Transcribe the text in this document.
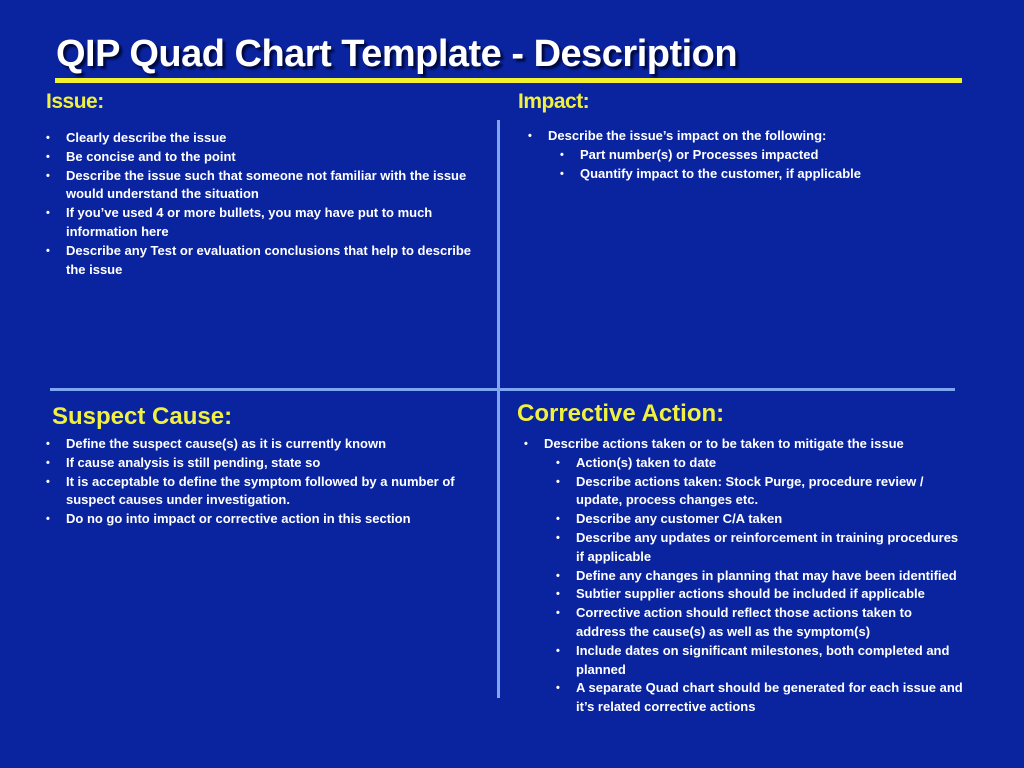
QIP Quad Chart Template - Description
Issue:
• Clearly describe the issue
• Be concise and to the point
• Describe the issue such that someone not familiar with the issue would understand the situation
• If you’ve used 4 or more bullets, you may have put to much information here
• Describe any Test or evaluation conclusions that help to describe the issue
Impact:
• Describe the issue’s impact on the following:
• Part number(s) or Processes impacted
• Quantify impact to the customer, if applicable
Suspect Cause:
• Define the suspect cause(s) as it is currently known
• If cause analysis is still pending, state so
• It is acceptable to define the symptom followed by a number of suspect causes under investigation.
• Do no go into impact or corrective action in this section
Corrective Action:
• Describe actions taken or to be taken to mitigate the issue
• Action(s) taken to date
• Describe actions taken: Stock Purge, procedure review / update, process changes etc.
• Describe any customer C/A taken
• Describe any updates or reinforcement in training procedures if applicable
• Define any changes in planning that may have been identified
• Subtier supplier actions should be included if applicable
• Corrective action should reflect those actions taken to address the cause(s) as well as the symptom(s)
• Include dates on significant milestones, both completed and planned
• A separate Quad chart should be generated for each issue and it’s related corrective actions
